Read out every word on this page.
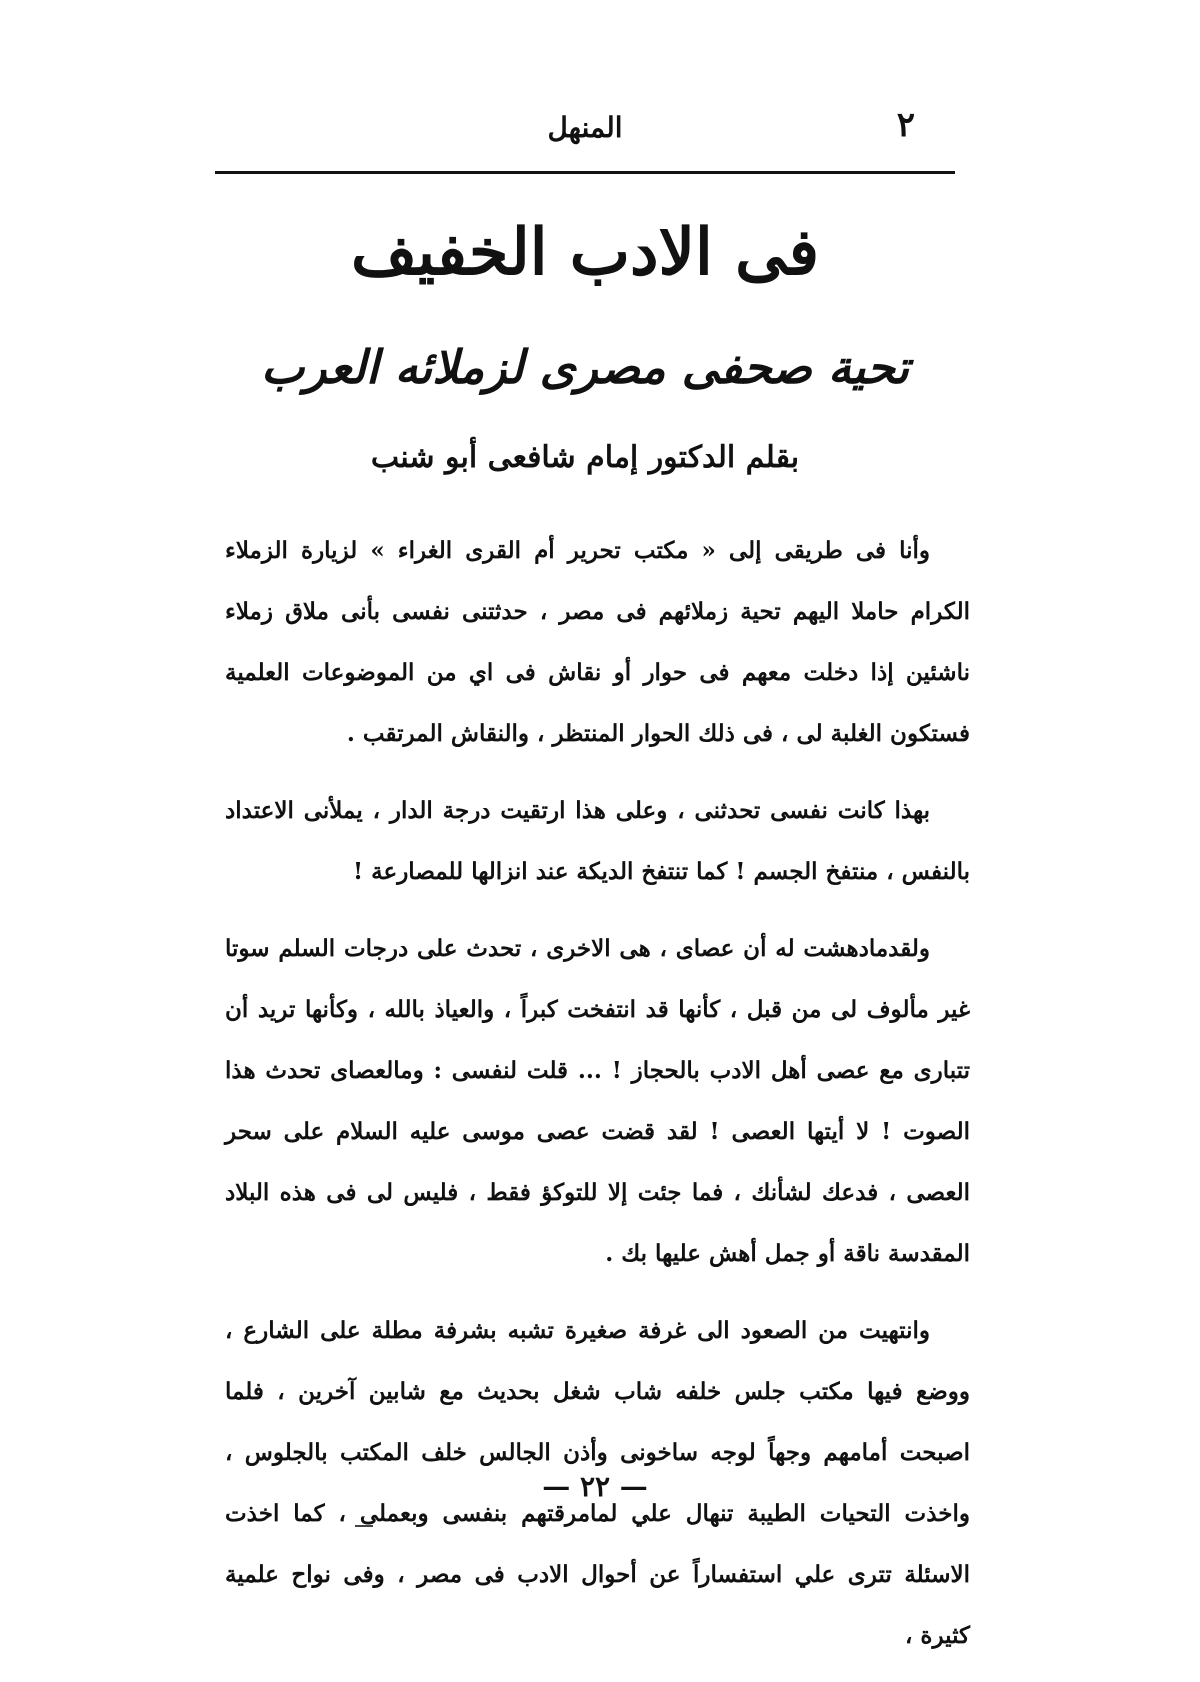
٢
المنهل
فى الادب الخفيف
تحية صحفى مصرى لزملائه العرب
بقلم الدكتور إمام شافعى أبو شنب

وأنا فى طريقى إلى « مكتب تحرير أم القرى الغراء » لزيارة الزملاء الكرام حاملا اليهم تحية زملائهم فى مصر ، حدثتنى نفسى بأنى ملاق زملاء ناشئين إذا دخلت معهم فى حوار أو نقاش فى اي من الموضوعات العلمية فستكون الغلبة لى ، فى ذلك الحوار المنتظر ، والنقاش المرتقب .

بهذا كانت نفسى تحدثنى ، وعلى هذا ارتقيت درجة الدار ، يملأنى الاعتداد بالنفس ، منتفخ الجسم ! كما تنتفخ الديكة عند انزالها للمصارعة !

ولقدمادهشت له أن عصاى ، هى الاخرى ، تحدث على درجات السلم سوتا غير مألوف لى من قبل ، كأنها قد انتفخت كبراً ، والعياذ بالله ، وكأنها تريد أن تتبارى مع عصى أهل الادب بالحجاز ! ... قلت لنفسى : ومالعصاى تحدث هذا الصوت ! لا أيتها العصى ! لقد قضت عصى موسى عليه السلام على سحر العصى ، فدعك لشأنك ، فما جئت إلا للتوكؤ فقط ، فليس لى فى هذه البلاد المقدسة ناقة أو جمل أهش عليها بك .

وانتهيت من الصعود الى غرفة صغيرة تشبه بشرفة مطلة على الشارع ، ووضع فيها مكتب جلس خلفه شاب شغل بحديث مع شابين آخرين ، فلما اصبحت أمامهم وجهاً لوجه ساخونى وأذن الجالس خلف المكتب بالجلوس ، واخذت التحيات الطيبة تنهال علي لمامرقتهم بنفسى وبعملى ، كما اخذت الاسئلة تترى علي استفساراً عن أحوال الادب فى مصر ، وفى نواح علمية كثيرة ،

— ٢٢ —
